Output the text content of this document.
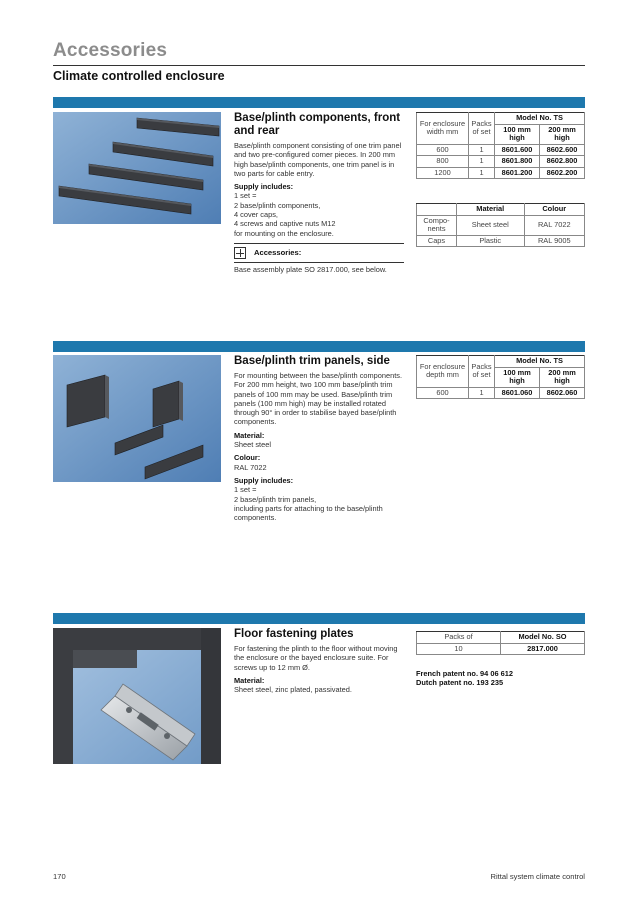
Accessories
Climate controlled enclosure
Base/plinth components, front and rear

Base/plinth component consisting of one trim panel and two pre-configured corner pieces. In 200 mm high base/plinth components, one trim panel is in two parts for cable entry.

Supply includes:

1 set =

2 base/plinth components,

4 cover caps,

4 screws and captive nuts M12

for mounting on the enclosure.

Accessories:

Base assembly plate SO 2817.000, see below.

For enclosure width mm	Packs of set	Model No. TS	
		100 mm high	200 mm high
600	1	8601.600	8602.600
800	1	8601.800	8602.800
1200	1	8601.200	8602.200
	Material	Colour
Compo-nents	Sheet steel	RAL 7022
Caps	Plastic	RAL 9005
Base/plinth trim panels, side

For mounting between the base/plinth components. For 200 mm height, two 100 mm base/plinth trim panels of 100 mm may be used. Base/plinth trim panels (100 mm high) may be installed rotated through 90° in order to stabilise bayed base/plinth components.

Material:

Sheet steel

Colour:

RAL 7022

Supply includes:

1 set =

2 base/plinth trim panels,

including parts for attaching to the base/plinth components.

For enclosure depth mm	Packs of set	Model No. TS	
		100 mm high	200 mm high
600	1	8601.060	8602.060
Floor fastening plates

For fastening the plinth to the floor without moving the enclosure or the bayed enclosure suite. For screws up to 12 mm Ø.

Material:

Sheet steel, zinc plated, passivated.

Packs of	Model No. SO
10	2817.000

French patent no. 94 06 612

Dutch patent no. 193 235

170	Rittal system climate control
